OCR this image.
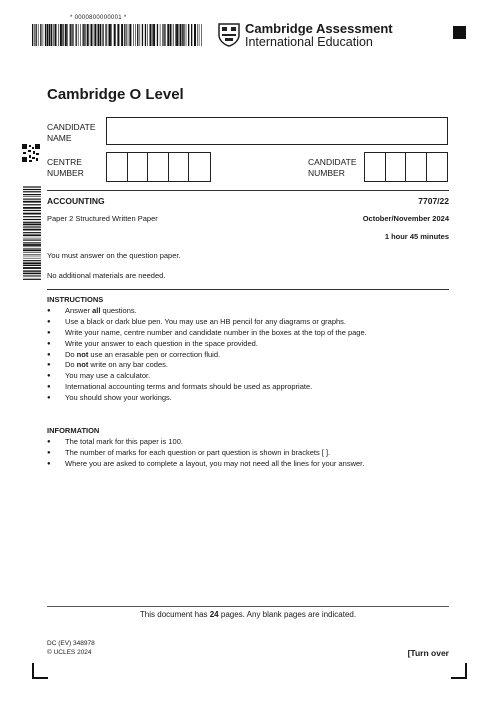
* 0000800000001 *
Cambridge Assessment
International Education
Cambridge O Level
CANDIDATE
NAME
CENTRE
NUMBER
CANDIDATE
NUMBER
ACCOUNTING	7707/22
Paper 2 Structured Written Paper	October/November 2024
1 hour 45 minutes
You must answer on the question paper.
No additional materials are needed.
INSTRUCTIONS
● Answer all questions.
● Use a black or dark blue pen. You may use an HB pencil for any diagrams or graphs.
● Write your name, centre number and candidate number in the boxes at the top of the page.
● Write your answer to each question in the space provided.
● Do not use an erasable pen or correction fluid.
● Do not write on any bar codes.
● You may use a calculator.
● International accounting terms and formats should be used as appropriate.
● You should show your workings.
INFORMATION
● The total mark for this paper is 100.
● The number of marks for each question or part question is shown in brackets [ ].
● Where you are asked to complete a layout, you may not need all the lines for your answer.
This document has 24 pages. Any blank pages are indicated.
DC (EV) 348978
© UCLES 2024	[Turn over
